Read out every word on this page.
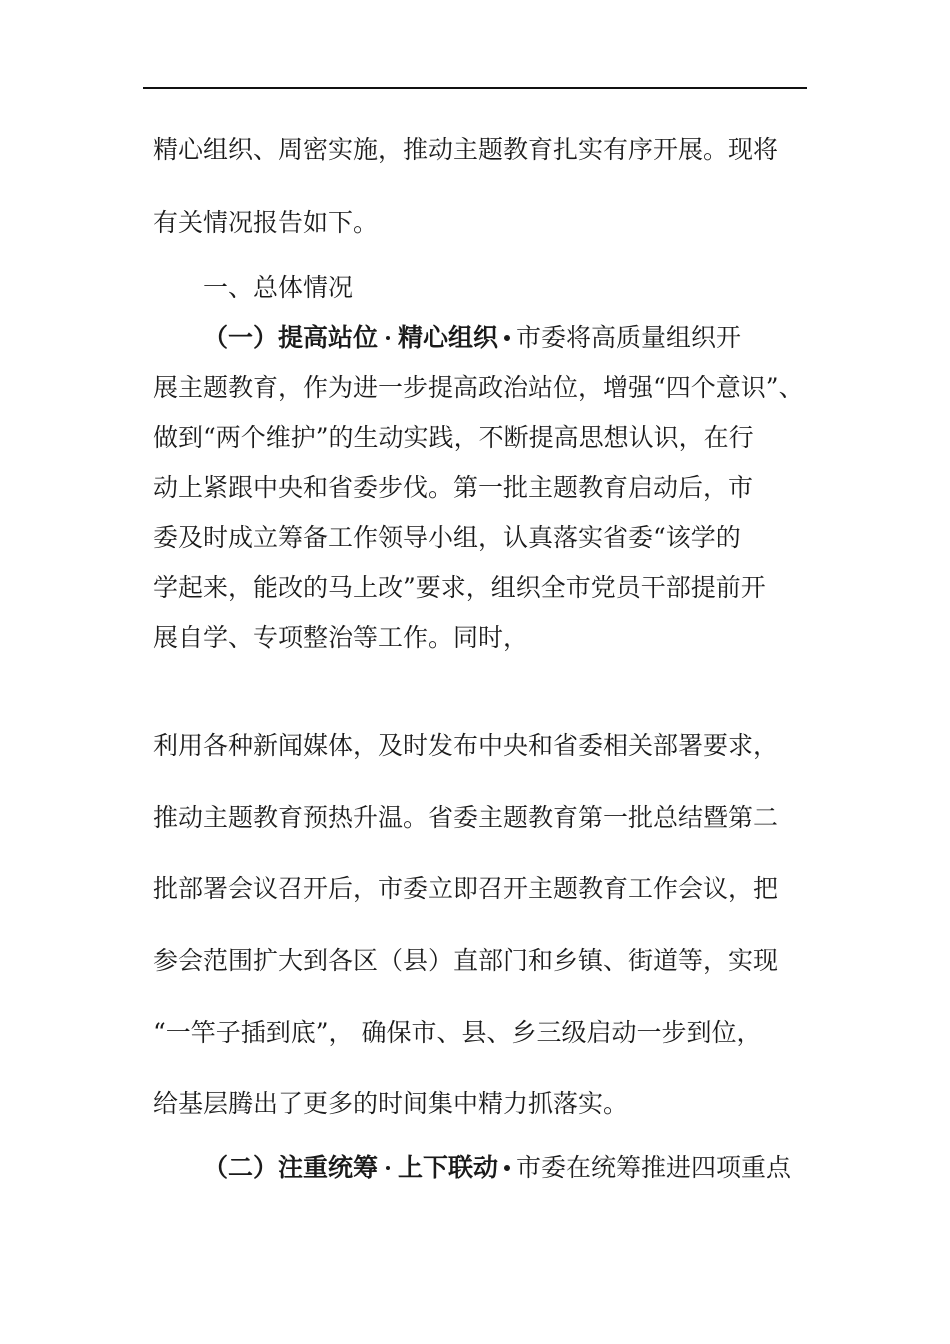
精心组织、周密实施，推动主题教育扎实有序开展。现将
有关情况报告如下。
一、总体情况
（一）提高站位 精心组织 市委将高质量组织开
展主题教育，作为进一步提高政治站位，增强“四个意识”、
做到“两个维护”的生动实践，不断提高思想认识，在行
动上紧跟中央和省委步伐。第一批主题教育启动后，市
委及时成立筹备工作领导小组，认真落实省委“该学的
学起来，能改的马上改”要求，组织全市党员干部提前开
展自学、专项整治等工作。同时，
利用各种新闻媒体，及时发布中央和省委相关部署要求，
推动主题教育预热升温。省委主题教育第一批总结暨第二
批部署会议召开后，市委立即召开主题教育工作会议，把
参会范围扩大到各区（县）直部门和乡镇、街道等，实现
“一竿子插到底”， 确保市、县、乡三级启动一步到位，
给基层腾出了更多的时间集中精力抓落实。
（二）注重统筹 上下联动 市委在统筹推进四项重点
